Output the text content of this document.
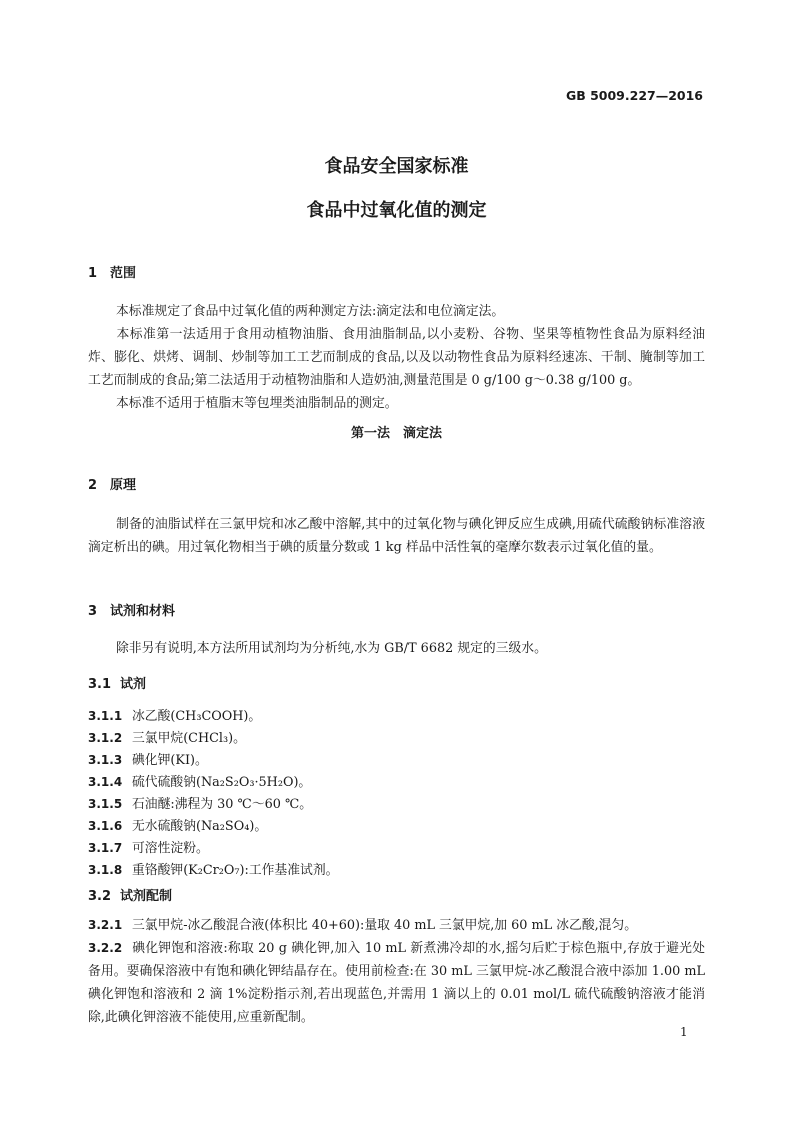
GB 5009.227—2016
食品安全国家标准
食品中过氧化值的测定
1 范围
本标准规定了食品中过氧化值的两种测定方法:滴定法和电位滴定法。
本标准第一法适用于食用动植物油脂、食用油脂制品,以小麦粉、谷物、坚果等植物性食品为原料经油炸、膨化、烘烤、调制、炒制等加工工艺而制成的食品,以及以动物性食品为原料经速冻、干制、腌制等加工工艺而制成的食品;第二法适用于动植物油脂和人造奶油,测量范围是 0 g/100 g～0.38 g/100 g。
本标准不适用于植脂末等包埋类油脂制品的测定。
第一法　滴定法
2 原理
制备的油脂试样在三氯甲烷和冰乙酸中溶解,其中的过氧化物与碘化钾反应生成碘,用硫代硫酸钠标准溶液滴定析出的碘。用过氧化物相当于碘的质量分数或 1 kg 样品中活性氧的毫摩尔数表示过氧化值的量。
3 试剂和材料
除非另有说明,本方法所用试剂均为分析纯,水为 GB/T 6682 规定的三级水。
3.1 试剂
3.1.1 冰乙酸(CH₃COOH)。
3.1.2 三氯甲烷(CHCl₃)。
3.1.3 碘化钾(KI)。
3.1.4 硫代硫酸钠(Na₂S₂O₃·5H₂O)。
3.1.5 石油醚:沸程为 30 ℃～60 ℃。
3.1.6 无水硫酸钠(Na₂SO₄)。
3.1.7 可溶性淀粉。
3.1.8 重铬酸钾(K₂Cr₂O₇):工作基准试剂。
3.2 试剂配制
3.2.1 三氯甲烷-冰乙酸混合液(体积比 40+60):量取 40 mL 三氯甲烷,加 60 mL 冰乙酸,混匀。
3.2.2 碘化钾饱和溶液:称取 20 g 碘化钾,加入 10 mL 新煮沸冷却的水,摇匀后贮于棕色瓶中,存放于避光处备用。要确保溶液中有饱和碘化钾结晶存在。使用前检查:在 30 mL 三氯甲烷-冰乙酸混合液中添加 1.00 mL 碘化钾饱和溶液和 2 滴 1%淀粉指示剂,若出现蓝色,并需用 1 滴以上的 0.01 mol/L 硫代硫酸钠溶液才能消除,此碘化钾溶液不能使用,应重新配制。
1
